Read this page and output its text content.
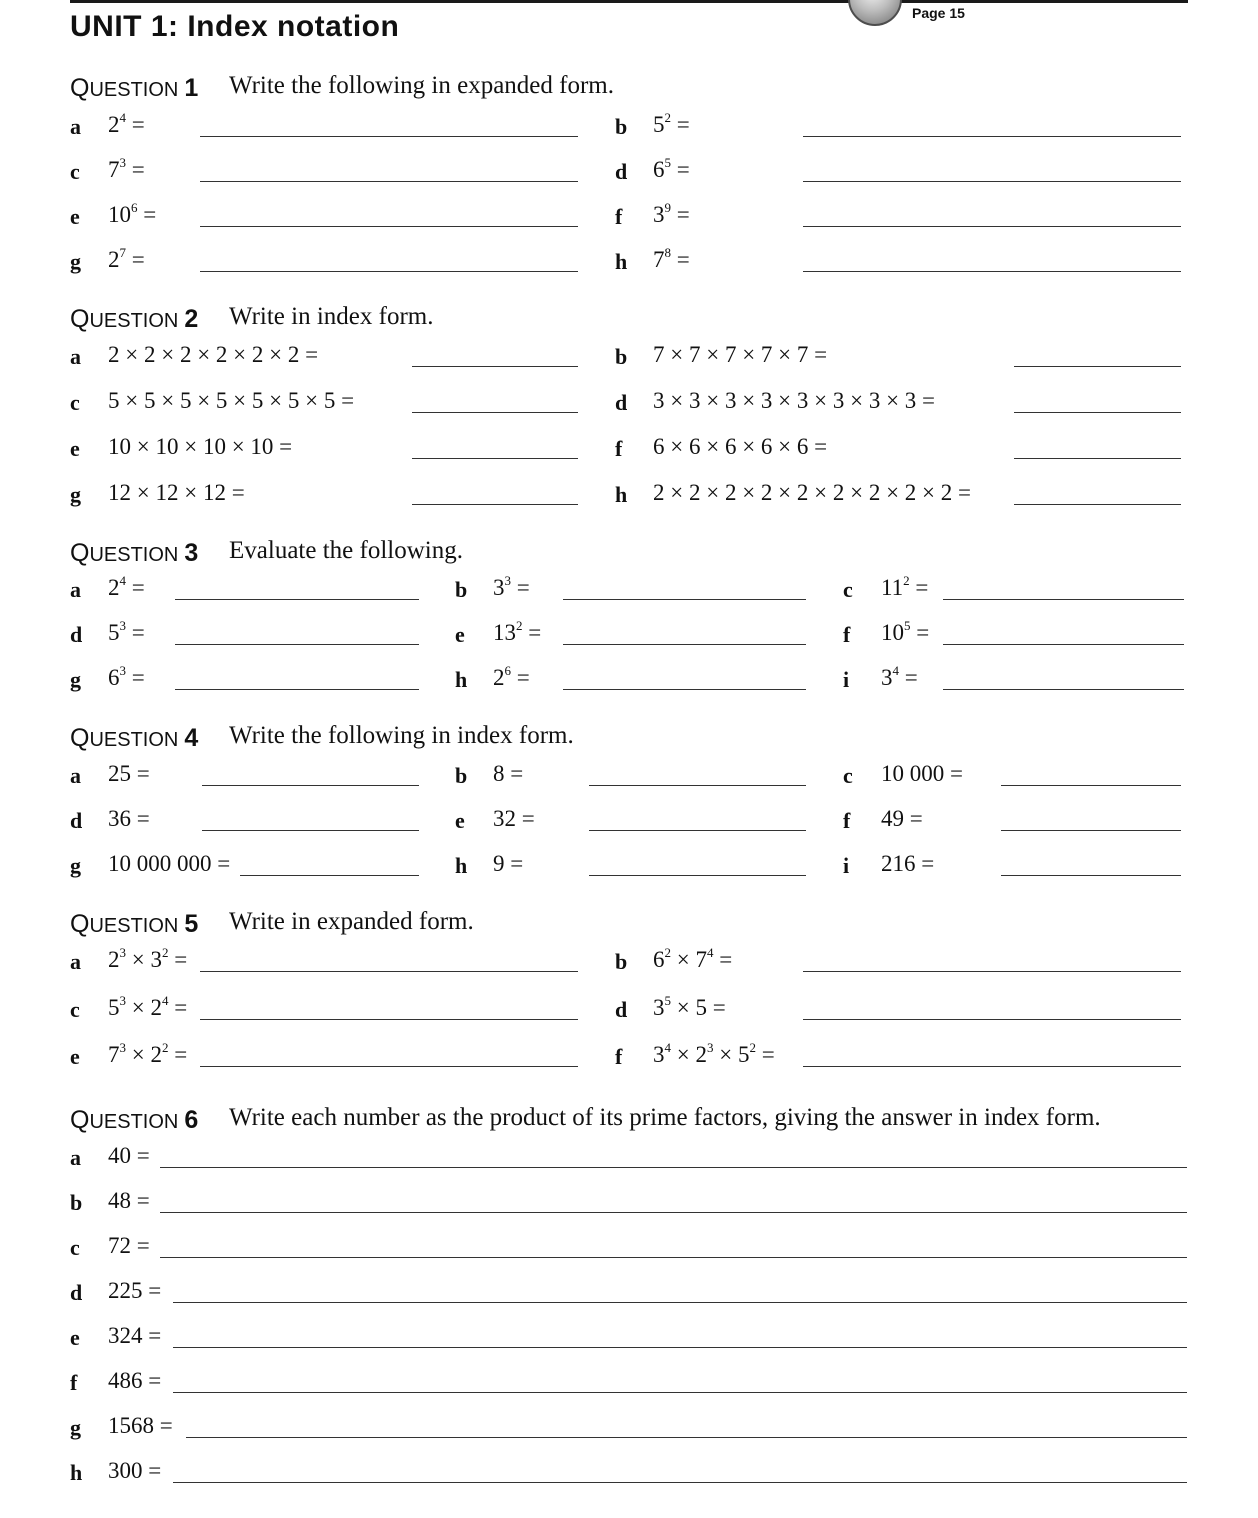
Page 15
UNIT 1: Index notation
QUESTION 1 Write the following in expanded form.
a $2^4$ =	b $5^2$ =
c $7^3$ =	d $6^5$ =
e $10^6$ =	f $3^9$ =
g $2^7$ =	h $7^8$ =
QUESTION 2 Write in index form.
a 2 × 2 × 2 × 2 × 2 × 2 =	b 7 × 7 × 7 × 7 × 7 =
c 5 × 5 × 5 × 5 × 5 × 5 × 5 =	d 3 × 3 × 3 × 3 × 3 × 3 × 3 × 3 =
e 10 × 10 × 10 × 10 =	f 6 × 6 × 6 × 6 × 6 =
g 12 × 12 × 12 =	h 2 × 2 × 2 × 2 × 2 × 2 × 2 × 2 × 2 =
QUESTION 3 Evaluate the following.
a $2^4$ =	b $3^3$ =	c $11^2$ =
d $5^3$ =	e $13^2$ =	f $10^5$ =
g $6^3$ =	h $2^6$ =	i $3^4$ =
QUESTION 4 Write the following in index form.
a 25 =	b 8 =	c 10 000 =
d 36 =	e 32 =	f 49 =
g 10 000 000 =	h 9 =	i 216 =
QUESTION 5 Write in expanded form.
a $2^3 \times 3^2$ =	b $6^2 \times 7^4$ =
c $5^3 \times 2^4$ =	d $3^5 \times 5$ =
e $7^3 \times 2^2$ =	f $3^4 \times 2^3 \times 5^2$ =
QUESTION 6 Write each number as the product of its prime factors, giving the answer in index form.
a 40 =
b 48 =
c 72 =
d 225 =
e 324 =
f 486 =
g 1568 =
h 300 =
